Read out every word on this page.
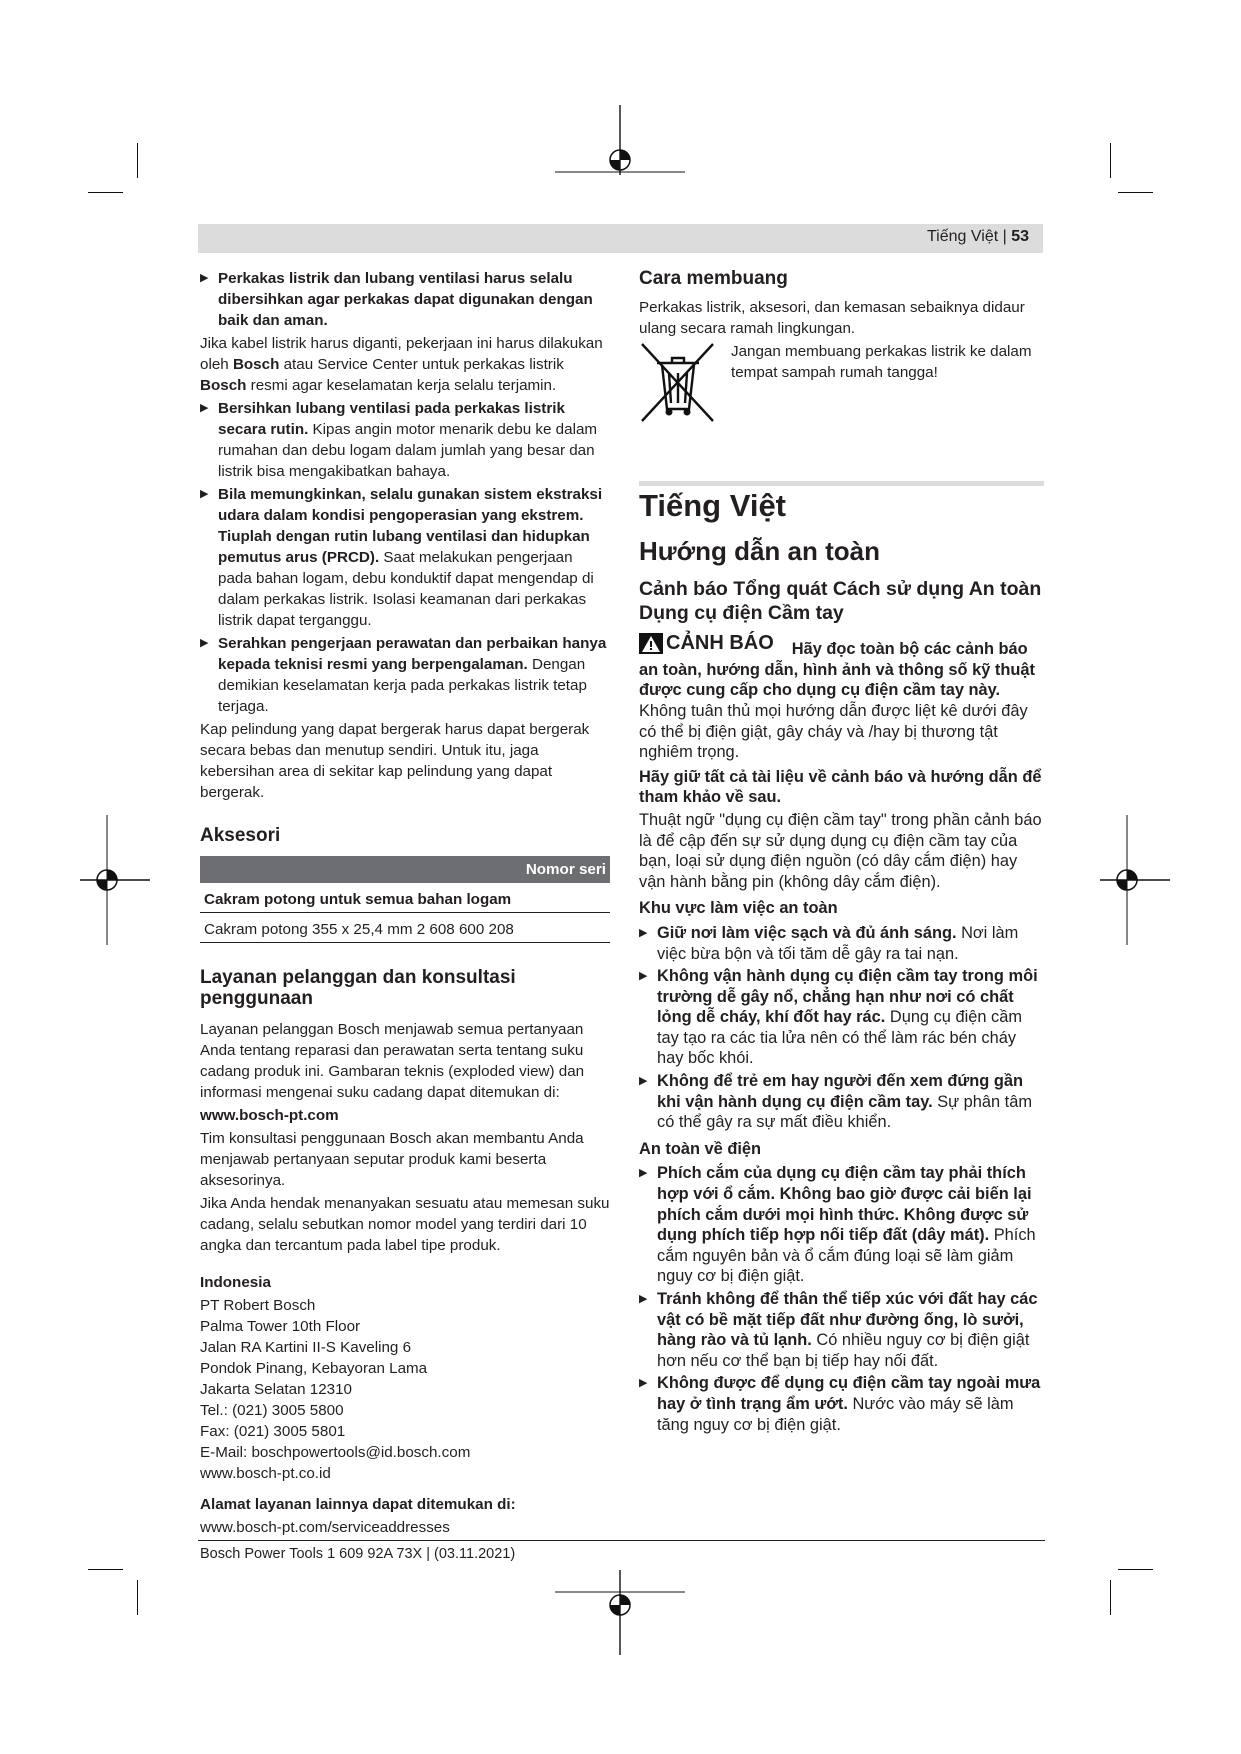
Tiếng Việt | 53
▶ Perkakas listrik dan lubang ventilasi harus selalu dibersihkan agar perkakas dapat digunakan dengan baik dan aman.
Jika kabel listrik harus diganti, pekerjaan ini harus dilakukan oleh Bosch atau Service Center untuk perkakas listrik Bosch resmi agar keselamatan kerja selalu terjamin.
▶ Bersihkan lubang ventilasi pada perkakas listrik secara rutin. Kipas angin motor menarik debu ke dalam rumahan dan debu logam dalam jumlah yang besar dan listrik bisa mengakibatkan bahaya.
▶ Bila memungkinkan, selalu gunakan sistem ekstraksi udara dalam kondisi pengoperasian yang ekstrem. Tiuplah dengan rutin lubang ventilasi dan hidupkan pemutus arus (PRCD). Saat melakukan pengerjaan pada bahan logam, debu konduktif dapat mengendap di dalam perkakas listrik. Isolasi keamanan dari perkakas listrik dapat terganggu.
▶ Serahkan pengerjaan perawatan dan perbaikan hanya kepada teknisi resmi yang berpengalaman. Dengan demikian keselamatan kerja pada perkakas listrik tetap terjaga.
Kap pelindung yang dapat bergerak harus dapat bergerak secara bebas dan menutup sendiri. Untuk itu, jaga kebersihan area di sekitar kap pelindung yang dapat bergerak.
Aksesori
Nomor seri
Cakram potong untuk semua bahan logam
Cakram potong 355 x 25,4 mm 2 608 600 208
Layanan pelanggan dan konsultasi penggunaan
Layanan pelanggan Bosch menjawab semua pertanyaan Anda tentang reparasi dan perawatan serta tentang suku cadang produk ini. Gambaran teknis (exploded view) dan informasi mengenai suku cadang dapat ditemukan di:
www.bosch-pt.com
Tim konsultasi penggunaan Bosch akan membantu Anda menjawab pertanyaan seputar produk kami beserta aksesorinya.
Jika Anda hendak menanyakan sesuatu atau memesan suku cadang, selalu sebutkan nomor model yang terdiri dari 10 angka dan tercantum pada label tipe produk.
Indonesia
PT Robert Bosch
Palma Tower 10th Floor
Jalan RA Kartini II-S Kaveling 6
Pondok Pinang, Kebayoran Lama
Jakarta Selatan 12310
Tel.: (021) 3005 5800
Fax: (021) 3005 5801
E-Mail: boschpowertools@id.bosch.com
www.bosch-pt.co.id
Alamat layanan lainnya dapat ditemukan di:
www.bosch-pt.com/serviceaddresses
Cara membuang
Perkakas listrik, aksesori, dan kemasan sebaiknya didaur ulang secara ramah lingkungan.
Jangan membuang perkakas listrik ke dalam tempat sampah rumah tangga!
Tiếng Việt
Hướng dẫn an toàn
Cảnh báo Tổng quát Cách sử dụng An toàn Dụng cụ điện Cầm tay
CẢNH BÁO Hãy đọc toàn bộ các cảnh báo an toàn, hướng dẫn, hình ảnh và thông số kỹ thuật được cung cấp cho dụng cụ điện cầm tay này. Không tuân thủ mọi hướng dẫn được liệt kê dưới đây có thể bị điện giật, gây cháy và /hay bị thương tật nghiêm trọng.
Hãy giữ tất cả tài liệu về cảnh báo và hướng dẫn để tham khảo về sau.
Thuật ngữ "dụng cụ điện cầm tay" trong phần cảnh báo là để cập đến sự sử dụng dụng cụ điện cầm tay của bạn, loại sử dụng điện nguồn (có dây cắm điện) hay vận hành bằng pin (không dây cắm điện).
Khu vực làm việc an toàn
▶ Giữ nơi làm việc sạch và đủ ánh sáng. Nơi làm việc bừa bộn và tối tăm dễ gây ra tai nạn.
▶ Không vận hành dụng cụ điện cầm tay trong môi trường dễ gây nổ, chẳng hạn như nơi có chất lỏng dễ cháy, khí đốt hay rác. Dụng cụ điện cầm tay tạo ra các tia lửa nên có thể làm rác bén cháy hay bốc khói.
▶ Không để trẻ em hay người đến xem đứng gần khi vận hành dụng cụ điện cầm tay. Sự phân tâm có thể gây ra sự mất điều khiển.
An toàn về điện
▶ Phích cắm của dụng cụ điện cầm tay phải thích hợp với ổ cắm. Không bao giờ được cải biến lại phích cắm dưới mọi hình thức. Không được sử dụng phích tiếp hợp nối tiếp đất (dây mát). Phích cắm nguyên bản và ổ cắm đúng loại sẽ làm giảm nguy cơ bị điện giật.
▶ Tránh không để thân thể tiếp xúc với đất hay các vật có bề mặt tiếp đất như đường ống, lò sưởi, hàng rào và tủ lạnh. Có nhiều nguy cơ bị điện giật hơn nếu cơ thể bạn bị tiếp hay nối đất.
▶ Không được để dụng cụ điện cầm tay ngoài mưa hay ở tình trạng ẩm ướt. Nước vào máy sẽ làm tăng nguy cơ bị điện giật.
Bosch Power Tools 1 609 92A 73X | (03.11.2021)
